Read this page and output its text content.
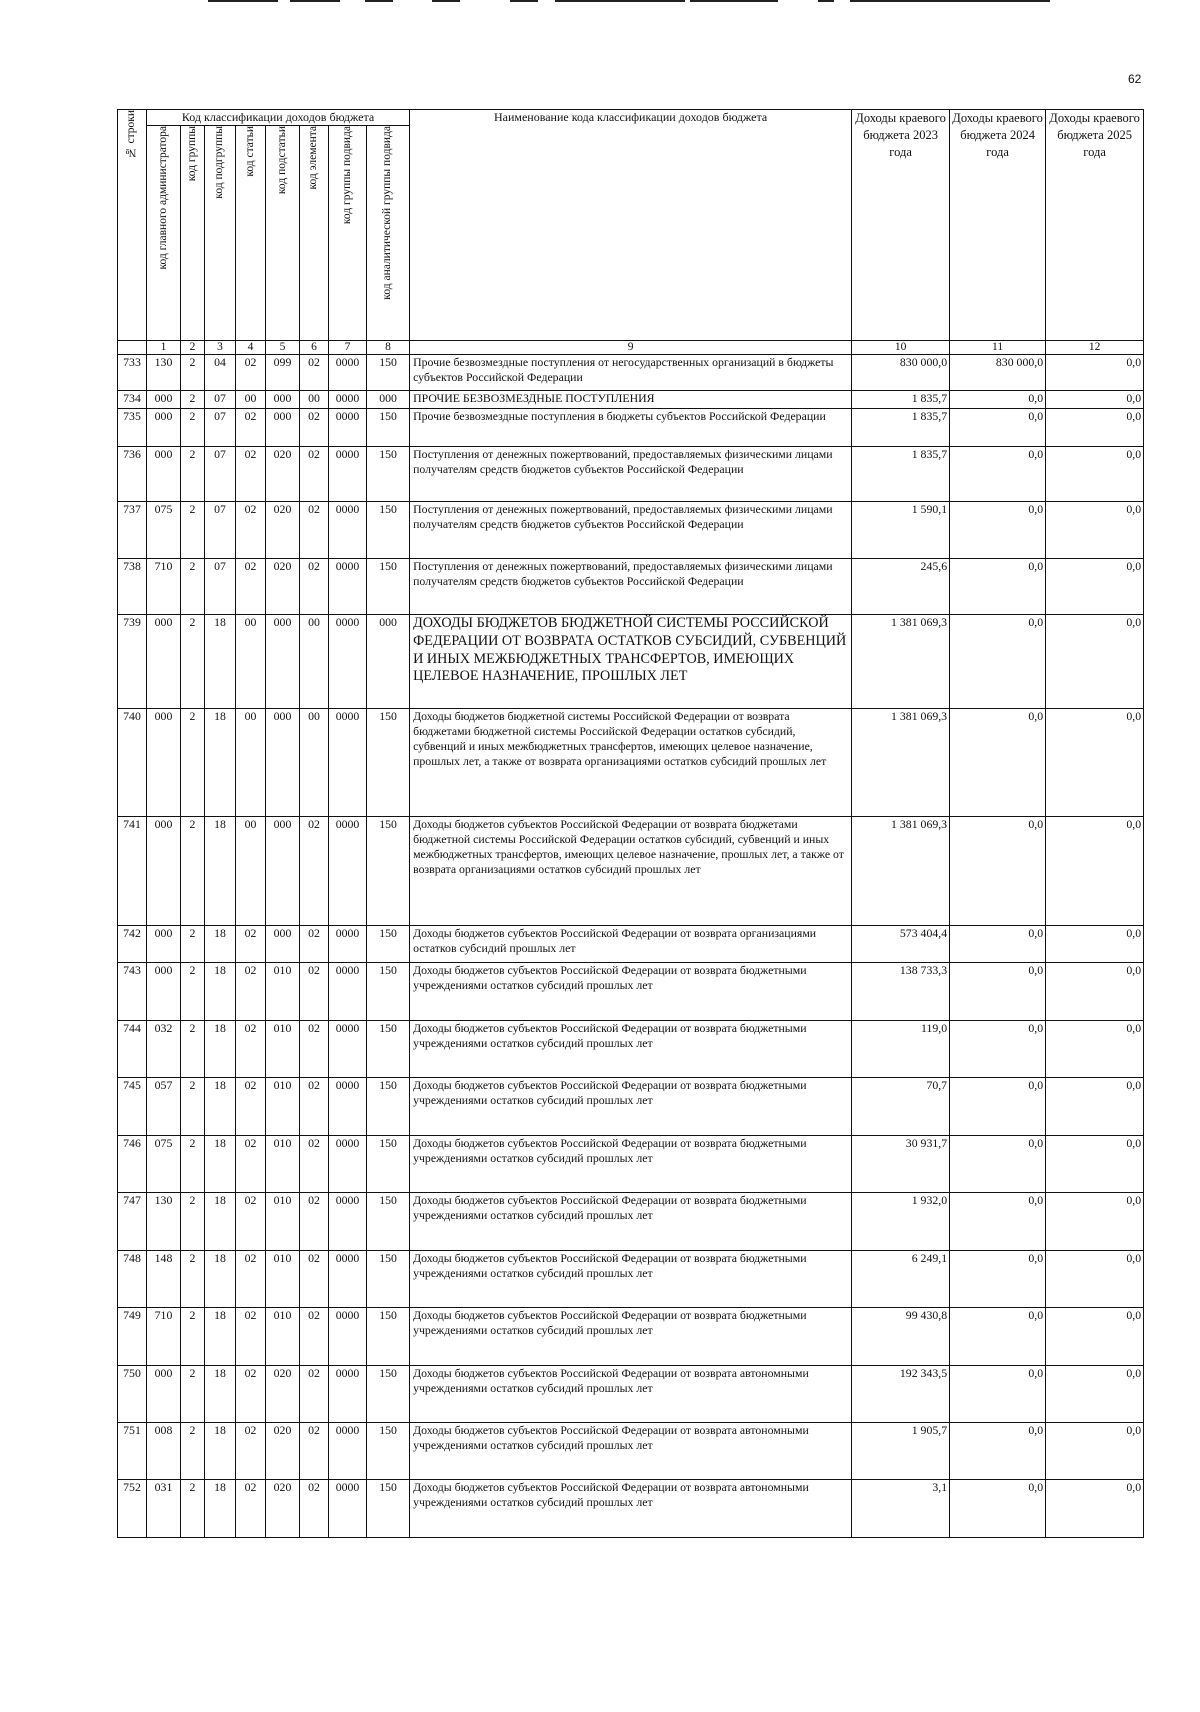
62
№ строки	Код классификации доходов бюджета								Наименование кода классификации доходов бюджета	Доходы краевого бюджета 2023 года	Доходы краевого бюджета 2024 года	Доходы краевого бюджета 2025 года
	код главного администратора	код группы	код подгруппы	код статьи	код подстатьи	код элемента	код группы подвида	код аналитической группы подвида				
	1	2	3	4	5	6	7	8	9	10	11	12
733	130	2	04	02	099	02	0000	150	Прочие безвозмездные поступления от негосударственных организаций в бюджеты субъектов Российской Федерации	830 000,0	830 000,0	0,0
734	000	2	07	00	000	00	0000	000	ПРОЧИЕ БЕЗВОЗМЕЗДНЫЕ ПОСТУПЛЕНИЯ	1 835,7	0,0	0,0
735	000	2	07	02	000	02	0000	150	Прочие безвозмездные поступления в бюджеты субъектов Российской Федерации	1 835,7	0,0	0,0
736	000	2	07	02	020	02	0000	150	Поступления от денежных пожертвований, предоставляемых физическими лицами получателям средств бюджетов субъектов Российской Федерации	1 835,7	0,0	0,0
737	075	2	07	02	020	02	0000	150	Поступления от денежных пожертвований, предоставляемых физическими лицами получателям средств бюджетов субъектов Российской Федерации	1 590,1	0,0	0,0
738	710	2	07	02	020	02	0000	150	Поступления от денежных пожертвований, предоставляемых физическими лицами получателям средств бюджетов субъектов Российской Федерации	245,6	0,0	0,0
739	000	2	18	00	000	00	0000	000	ДОХОДЫ БЮДЖЕТОВ БЮДЖЕТНОЙ СИСТЕМЫ РОССИЙСКОЙ ФЕДЕРАЦИИ ОТ ВОЗВРАТА ОСТАТКОВ СУБСИДИЙ, СУБВЕНЦИЙ И ИНЫХ МЕЖБЮДЖЕТНЫХ ТРАНСФЕРТОВ, ИМЕЮЩИХ ЦЕЛЕВОЕ НАЗНАЧЕНИЕ, ПРОШЛЫХ ЛЕТ	1 381 069,3	0,0	0,0
740	000	2	18	00	000	00	0000	150	Доходы бюджетов бюджетной системы Российской Федерации от возврата бюджетами бюджетной системы Российской Федерации остатков субсидий, субвенций и иных межбюджетных трансфертов, имеющих целевое назначение, прошлых лет, а также от возврата организациями остатков субсидий прошлых лет	1 381 069,3	0,0	0,0
741	000	2	18	00	000	02	0000	150	Доходы бюджетов субъектов Российской Федерации от возврата бюджетами бюджетной системы Российской Федерации остатков субсидий, субвенций и иных межбюджетных трансфертов, имеющих целевое назначение, прошлых лет, а также от возврата организациями остатков субсидий прошлых лет	1 381 069,3	0,0	0,0
742	000	2	18	02	000	02	0000	150	Доходы бюджетов субъектов Российской Федерации от возврата организациями остатков субсидий прошлых лет	573 404,4	0,0	0,0
743	000	2	18	02	010	02	0000	150	Доходы бюджетов субъектов Российской Федерации от возврата бюджетными учреждениями остатков субсидий прошлых лет	138 733,3	0,0	0,0
744	032	2	18	02	010	02	0000	150	Доходы бюджетов субъектов Российской Федерации от возврата бюджетными учреждениями остатков субсидий прошлых лет	119,0	0,0	0,0
745	057	2	18	02	010	02	0000	150	Доходы бюджетов субъектов Российской Федерации от возврата бюджетными учреждениями остатков субсидий прошлых лет	70,7	0,0	0,0
746	075	2	18	02	010	02	0000	150	Доходы бюджетов субъектов Российской Федерации от возврата бюджетными учреждениями остатков субсидий прошлых лет	30 931,7	0,0	0,0
747	130	2	18	02	010	02	0000	150	Доходы бюджетов субъектов Российской Федерации от возврата бюджетными учреждениями остатков субсидий прошлых лет	1 932,0	0,0	0,0
748	148	2	18	02	010	02	0000	150	Доходы бюджетов субъектов Российской Федерации от возврата бюджетными учреждениями остатков субсидий прошлых лет	6 249,1	0,0	0,0
749	710	2	18	02	010	02	0000	150	Доходы бюджетов субъектов Российской Федерации от возврата бюджетными учреждениями остатков субсидий прошлых лет	99 430,8	0,0	0,0
750	000	2	18	02	020	02	0000	150	Доходы бюджетов субъектов Российской Федерации от возврата автономными учреждениями остатков субсидий прошлых лет	192 343,5	0,0	0,0
751	008	2	18	02	020	02	0000	150	Доходы бюджетов субъектов Российской Федерации от возврата автономными учреждениями остатков субсидий прошлых лет	1 905,7	0,0	0,0
752	031	2	18	02	020	02	0000	150	Доходы бюджетов субъектов Российской Федерации от возврата автономными учреждениями остатков субсидий прошлых лет	3,1	0,0	0,0
